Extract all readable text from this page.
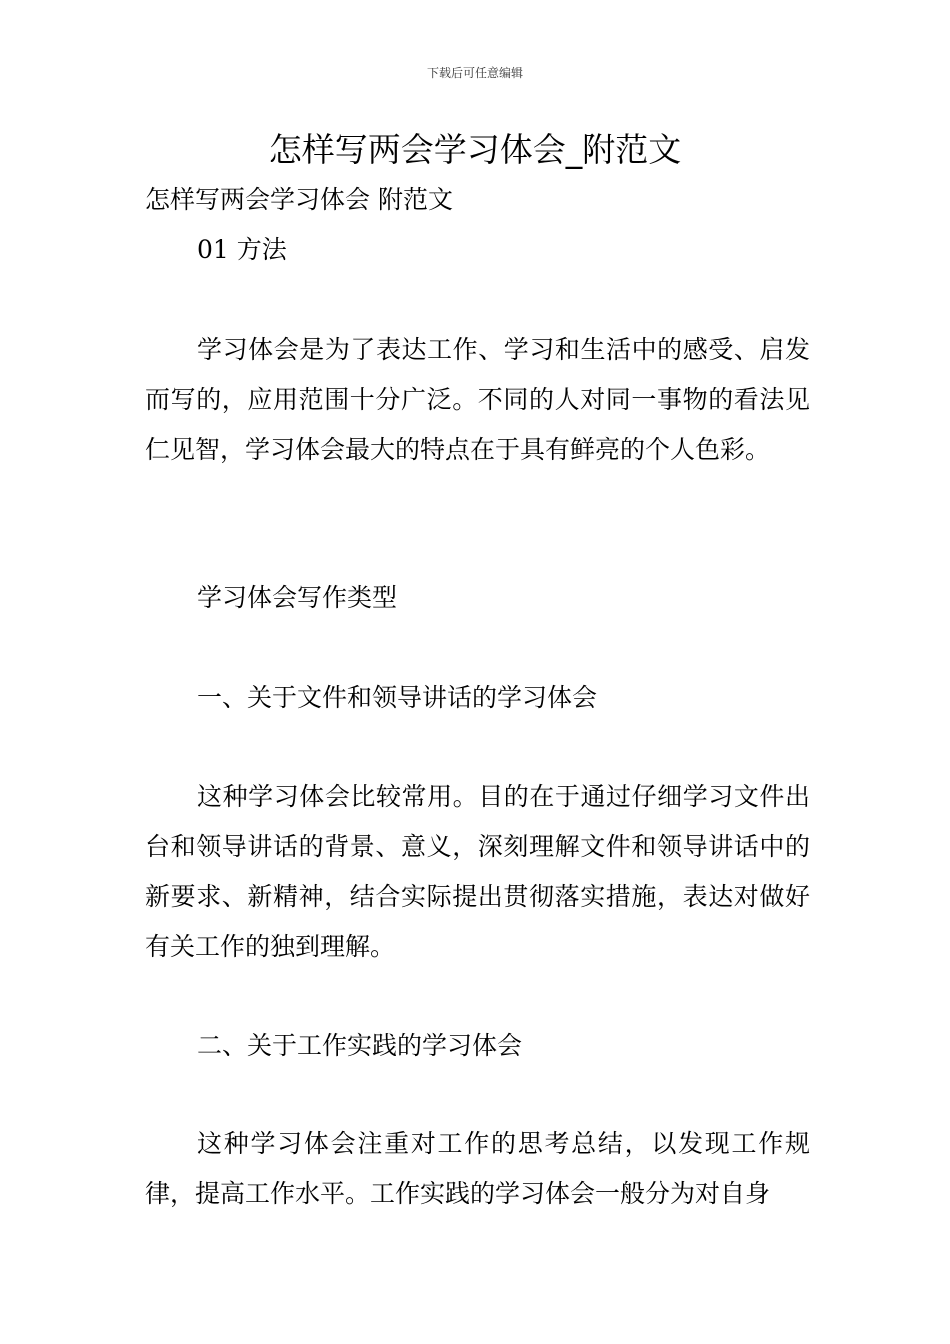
下载后可任意编辑
怎样写两会学习体会_附范文
怎样写两会学习体会 附范文
01 方法
学习体会是为了表达工作、学习和生活中的感受、启发而写的，应用范围十分广泛。不同的人对同一事物的看法见仁见智，学习体会最大的特点在于具有鲜亮的个人色彩。
学习体会写作类型
一、关于文件和领导讲话的学习体会
这种学习体会比较常用。目的在于通过仔细学习文件出台和领导讲话的背景、意义，深刻理解文件和领导讲话中的新要求、新精神，结合实际提出贯彻落实措施，表达对做好有关工作的独到理解。
二、关于工作实践的学习体会
这种学习体会注重对工作的思考总结，以发现工作规律，提高工作水平。工作实践的学习体会一般分为对自身
